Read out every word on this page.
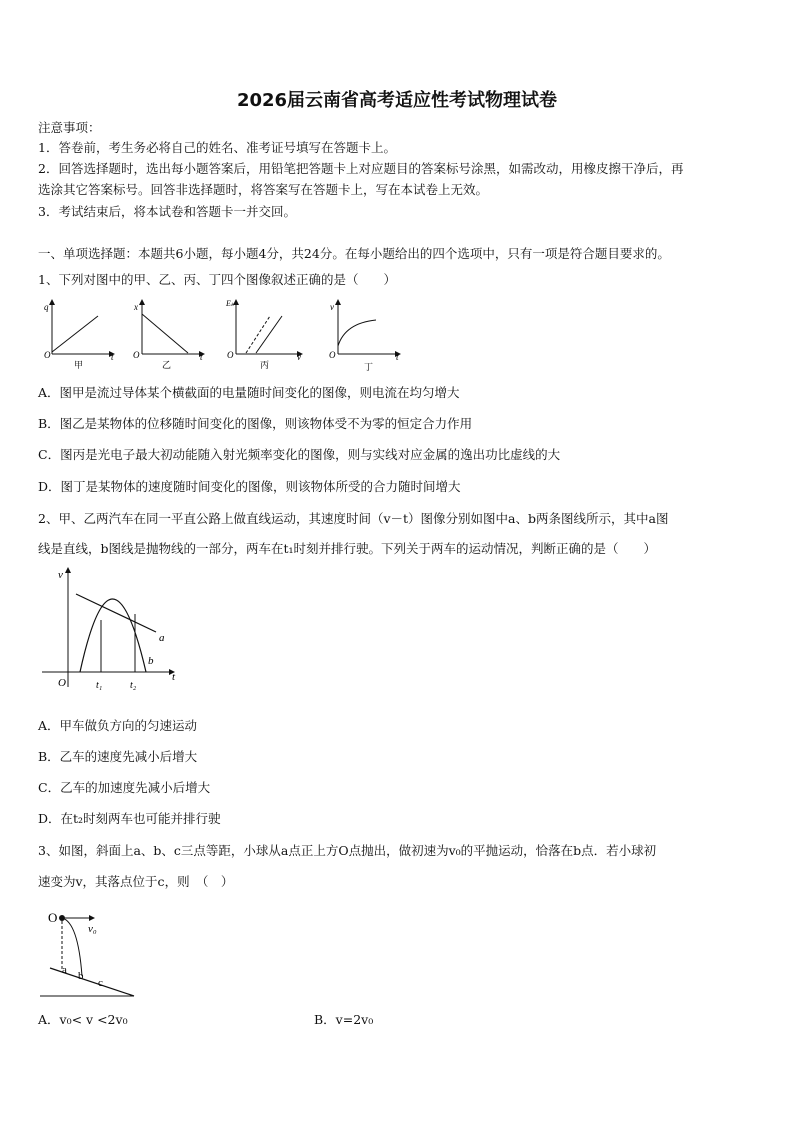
2026届云南省高考适应性考试物理试卷
注意事项：
1．答卷前，考生务必将自己的姓名、准考证号填写在答题卡上。
2．回答选择题时，选出每小题答案后，用铅笔把答题卡上对应题目的答案标号涂黑，如需改动，用橡皮擦干净后，再
选涂其它答案标号。回答非选择题时，将答案写在答题卡上，写在本试卷上无效。
3．考试结束后，将本试卷和答题卡一并交回。
一、单项选择题：本题共6小题，每小题4分，共24分。在每小题给出的四个选项中，只有一项是符合题目要求的。
1、下列对图中的甲、乙、丙、丁四个图像叙述正确的是（　　）
q
t
O
甲
x
t
O
乙
Eₖ
ν
O
丙
v
t
O
丁
A．图甲是流过导体某个横截面的电量随时间变化的图像，则电流在均匀增大
B．图乙是某物体的位移随时间变化的图像，则该物体受不为零的恒定合力作用
C．图丙是光电子最大初动能随入射光频率变化的图像，则与实线对应金属的逸出功比虚线的大
D．图丁是某物体的速度随时间变化的图像，则该物体所受的合力随时间增大
2、甲、乙两汽车在同一平直公路上做直线运动，其速度时间（v－t）图像分别如图中a、b两条图线所示，其中a图
线是直线，b图线是抛物线的一部分，两车在t₁时刻并排行驶。下列关于两车的运动情况，判断正确的是（　　）
v
t
O
a
b
t₁	t₂
A．甲车做负方向的匀速运动
B．乙车的速度先减小后增大
C．乙车的加速度先减小后增大
D．在t₂时刻两车也可能并排行驶
3、如图，斜面上a、b、c三点等距，小球从a点正上方O点抛出，做初速为v₀的平抛运动，恰落在b点．若小球初
速变为v，其落点位于c，则　（　）
O
v₀
a b
c
A．v₀< v <2v₀	B．v=2v₀
